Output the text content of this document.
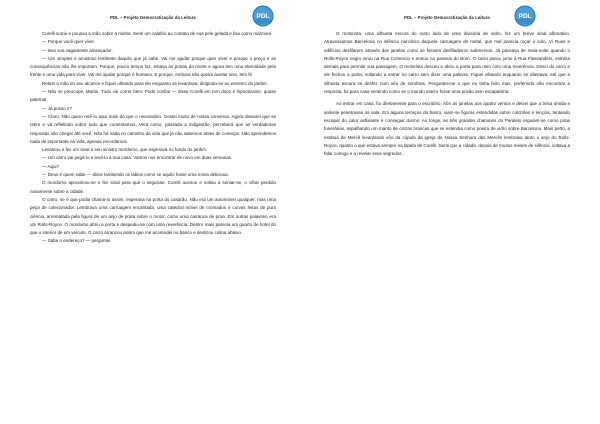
PDL – Projeto Democratização da Leitura	PDL

Corelli sorriu e pousou a mão sobre a minha. Senti um calafrio ao contato de sua pele gelada e lisa como mármore.

— Porque você quer viver.

— Isso soa vagamente ameaçador.

— Um simples e amistoso lembrete daquilo que já sabe. Vai me ajudar porque quer viver e porque o preço e as consequências não lhe importam. Porque, pouco tempo faz, estava às portas da morte e agora tem uma eternidade pela frente e uma vida para viver. Vai me ajudar porque é humano. E porque, embora não queira aceitar isso, tem fé.

Retirei a mão do seu alcance e fiquei olhando para ele enquanto se levantava, dirigindo-se ao extremo do jardim.

— Não se preocupe, Martin. Tudo vai correr bem. Pode confiar — disse Corelli em tom doce e hipnotizante, quase paternal.

— Já posso ir?

— Claro. Não quero retê-lo aqui mais do que o necessário. Gostei muito de nossa conversa. Agora deixarei que se retire e vá refletindo sobre tudo que comentamos. Verá como, passada a indigestão, perceberá que as verdadeiras respostas vão chegar até você. Não há nada no caminho da vida que já não sabemos antes de começar. Não aprendemos nada de importante na vida, apenas recordamos.

Levantou e fez um sinal a seu sinistro mordomo, que esperava no fundo do jardim.

— Um carro vai pegá-lo e levá-lo à sua casa. Vamos nos encontrar de novo em duas semanas.

— Aqui?

— Deus é quem sabe — disse lambendo os lábios como se aquilo fosse uma ironia deliciosa.

O mordomo aproximou-se e fez sinal para que o seguisse. Corelli acenou e voltou a sentar-se, o olhar perdido novamente sobre a cidade.

O carro, se é que podia chamá-lo assim, esperava na porta do casarão. Não era um automóvel qualquer, mas uma peça de colecionador. Lembrava uma carruagem encantada, uma catedral móvel de cromados e curvas feitas de pura ciência, arrematada pela figura de um anjo de prata sobre o motor, como uma carranca de proa. Em outras palavras, era um Rolls-Royce. O mordomo abriu a porta e despediu-se com uma reverência. Dentro mais parecia um quarto de hotel do que o interior de um veículo. O carro arrancou assim que me acomodei no banco e deslizou colina abaixo.

— Sabe o endereço? — perguntei.

PDL – Projeto Democratização da Leitura	PDL

O motorista, uma silhueta escura do outro lado de uma divisória de vidro, fez um breve sinal afirmativo. Atravessamos Barcelona no silêncio narcótico daquela carruagem de metal, que mal parecia roçar o solo. Vi Ruas e edifícios desfilarem através das janelas como se fossem desfiladeiros submersos. Já passava de meia-noite quando o Rolls-Royce negro virou na Rua Comercio e entrou no passeio do Born. O carro parou junto à Rua Flassanders, estreita demais para permitir sua passagem. O motorista desceu e abriu a porta para mim com uma reverência. Desci do carro e ele fechou a porta, voltando a entrar no carro sem dizer uma palavra. Fiquei olhando enquanto se afastava, até que a silhueta escura se desfez num véu de sombras. Perguntei-me o que eu tinha feito mas, preferindo não encontrar a resposta, fui para casa sentindo como se o mundo inteiro fosse uma prisão sem escapatória.

Ao entrar em casa, fui diretamente para o escritório. Abri as janelas aos quatro ventos e deixei que a brisa úmida e ardente penetrasse na sala. Em alguns terraços do bairro, viam-se figuras estendidas sobre colchões e lençóis, tentando escapar do calor asfixiante e conseguir dormir. Ao longe, as três grandes chaminés do Paralelo erguiam-se como piras funerárias, espalhando um manto de cinzas brancas que se estendia como poeira de vidro sobre Barcelona. Mais perto, a estátua de Mercê levantando vôo da cúpula da igreja de Nossa Senhora das Mercês lembrava tanto o anjo do Rolls-Royce, quanto o que estava sempre na lapela de Corelli. Senti que a cidade, depois de muitos meses de silêncio, voltava a falar comigo e a revelar seus segredos.
